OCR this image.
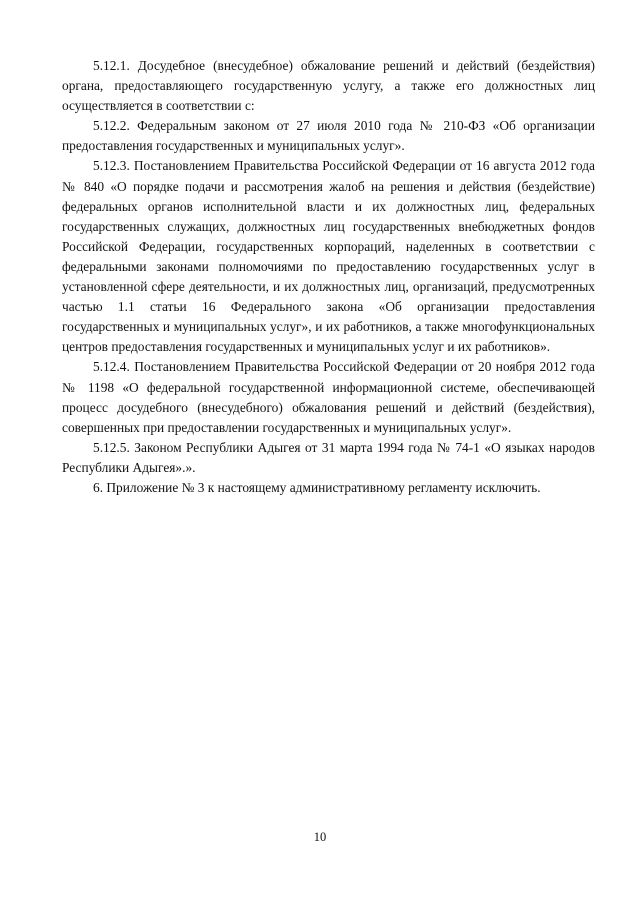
5.12.1. Досудебное (внесудебное) обжалование решений и действий (бездействия) органа, предоставляющего государственную услугу, а также его должностных лиц осуществляется в соответствии с:

5.12.2. Федеральным законом от 27 июля 2010 года № 210-ФЗ «Об организации предоставления государственных и муниципальных услуг».

5.12.3. Постановлением Правительства Российской Федерации от 16 августа 2012 года № 840 «О порядке подачи и рассмотрения жалоб на решения и действия (бездействие) федеральных органов исполнительной власти и их должностных лиц, федеральных государственных служащих, должностных лиц государственных внебюджетных фондов Российской Федерации, государственных корпораций, наделенных в соответствии с федеральными законами полномочиями по предоставлению государственных услуг в установленной сфере деятельности, и их должностных лиц, организаций, предусмотренных частью 1.1 статьи 16 Федерального закона «Об организации предоставления государственных и муниципальных услуг», и их работников, а также многофункциональных центров предоставления государственных и муниципальных услуг и их работников».

5.12.4. Постановлением Правительства Российской Федерации от 20 ноября 2012 года № 1198 «О федеральной государственной информационной системе, обеспечивающей процесс досудебного (внесудебного) обжалования решений и действий (бездействия), совершенных при предоставлении государственных и муниципальных услуг».

5.12.5. Законом Республики Адыгея от 31 марта 1994 года № 74-1 «О языках народов Республики Адыгея».».

6. Приложение № 3 к настоящему административному регламенту исключить.

10
